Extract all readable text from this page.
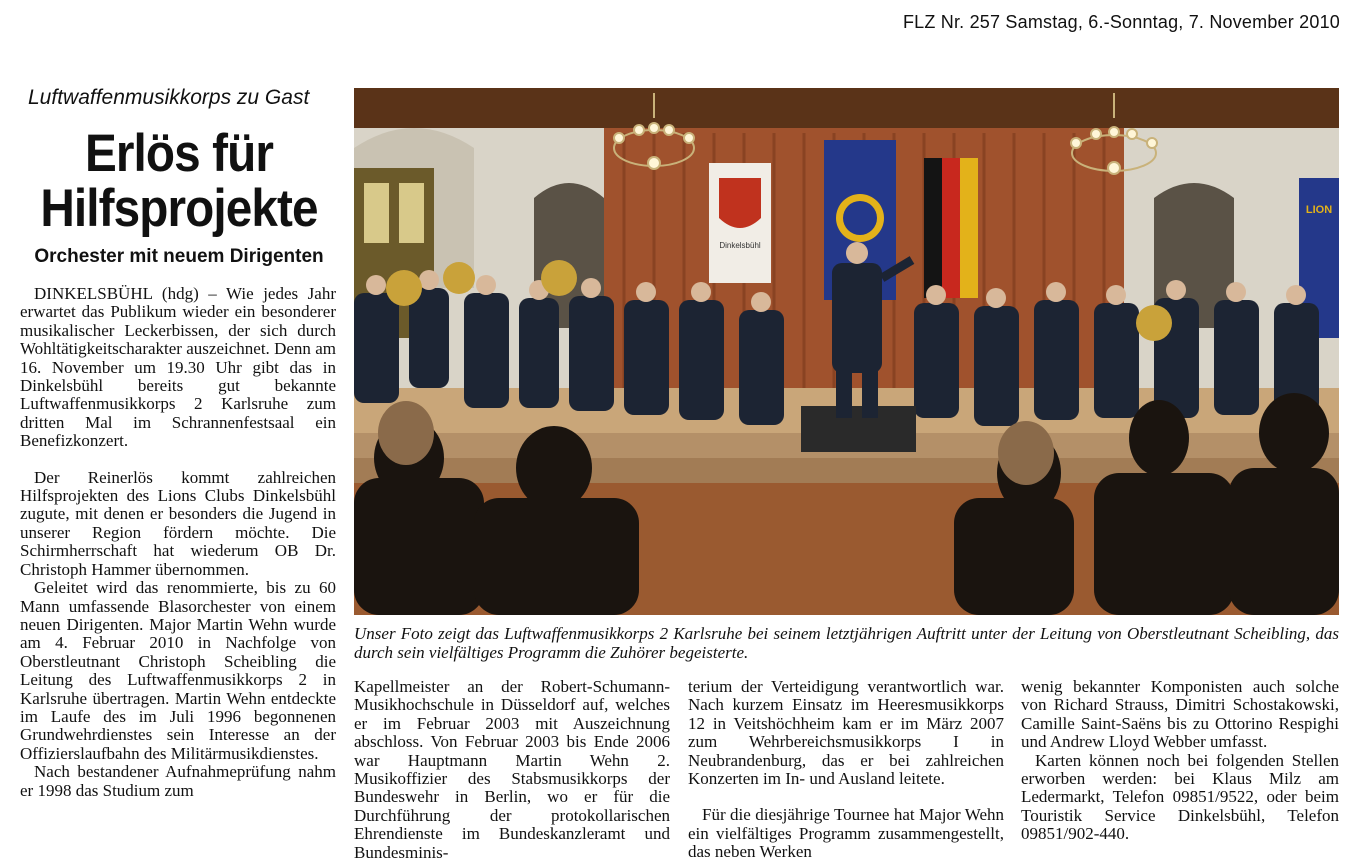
FLZ Nr. 257 Samstag, 6.-Sonntag, 7. November 2010
Luftwaffenmusikkorps zu Gast
Erlös für
Hilfsprojekte
Orchester mit neuem Dirigenten

DINKELSBÜHL (hdg) – Wie jedes Jahr erwartet das Publikum wieder ein besonderer musikalischer Leckerbissen, der sich durch Wohltätigkeitscharakter auszeichnet. Denn am 16. November um 19.30 Uhr gibt das in Dinkelsbühl bereits gut bekannte Luftwaffenmusikkorps 2 Karlsruhe zum dritten Mal im Schrannenfestsaal ein Benefizkonzert.

Der Reinerlös kommt zahlreichen Hilfsprojekten des Lions Clubs Dinkelsbühl zugute, mit denen er besonders die Jugend in unserer Region fördern möchte. Die Schirmherrschaft hat wiederum OB Dr. Christoph Hammer übernommen.

Geleitet wird das renommierte, bis zu 60 Mann umfassende Blasorchester von einem neuen Dirigenten. Major Martin Wehn wurde am 4. Februar 2010 in Nachfolge von Oberstleutnant Christoph Scheibling die Leitung des Luftwaffenmusikkorps 2 in Karlsruhe übertragen. Martin Wehn entdeckte im Laufe des im Juli 1996 begonnenen Grundwehrdienstes sein Interesse an der Offizierslaufbahn des Militärmusikdienstes.

Nach bestandener Aufnahmeprüfung nahm er 1998 das Studium zum

Dinkelsbühl
LION
Unser Foto zeigt das Luftwaffenmusikkorps 2 Karlsruhe bei seinem letztjährigen Auftritt unter der Leitung von Oberstleutnant Scheibling, das durch sein vielfältiges Programm die Zuhörer begeisterte.

Kapellmeister an der Robert-Schumann-Musikhochschule in Düsseldorf auf, welches er im Februar 2003 mit Auszeichnung abschloss. Von Februar 2003 bis Ende 2006 war Hauptmann Martin Wehn 2. Musikoffizier des Stabsmusikkorps der Bundeswehr in Berlin, wo er für die Durchführung der protokollarischen Ehrendienste im Bundeskanzleramt und Bundesminis-

terium der Verteidigung verantwortlich war. Nach kurzem Einsatz im Heeresmusikkorps 12 in Veitshöchheim kam er im März 2007 zum Wehrbereichsmusikkorps I in Neubrandenburg, das er bei zahlreichen Konzerten im In- und Ausland leitete.

Für die diesjährige Tournee hat Major Wehn ein vielfältiges Programm zusammengestellt, das neben Werken

wenig bekannter Komponisten auch solche von Richard Strauss, Dimitri Schostakowski, Camille Saint-Saëns bis zu Ottorino Respighi und Andrew Lloyd Webber umfasst.

Karten können noch bei folgenden Stellen erworben werden: bei Klaus Milz am Ledermarkt, Telefon 09851/9522, oder beim Touristik Service Dinkelsbühl, Telefon 09851/902-440.
